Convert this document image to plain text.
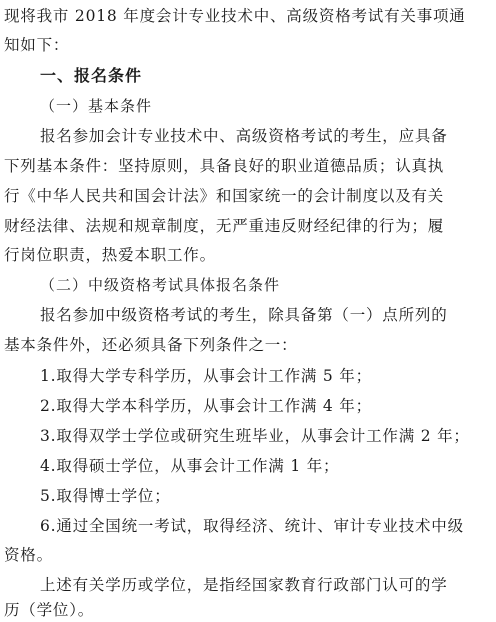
现将我市 2018 年度会计专业技术中、高级资格考试有关事项通
知如下：
一、报名条件
（一）基本条件
报名参加会计专业技术中、高级资格考试的考生，应具备
下列基本条件：坚持原则，具备良好的职业道德品质；认真执
行《中华人民共和国会计法》和国家统一的会计制度以及有关
财经法律、法规和规章制度，无严重违反财经纪律的行为；履
行岗位职责，热爱本职工作。
（二）中级资格考试具体报名条件
报名参加中级资格考试的考生，除具备第（一）点所列的
基本条件外，还必须具备下列条件之一：
1.取得大学专科学历，从事会计工作满 5 年；
2.取得大学本科学历，从事会计工作满 4 年；
3.取得双学士学位或研究生班毕业，从事会计工作满 2 年；
4.取得硕士学位，从事会计工作满 1 年；
5.取得博士学位；
6.通过全国统一考试，取得经济、统计、审计专业技术中级
资格。
上述有关学历或学位，是指经国家教育行政部门认可的学
历（学位）。
